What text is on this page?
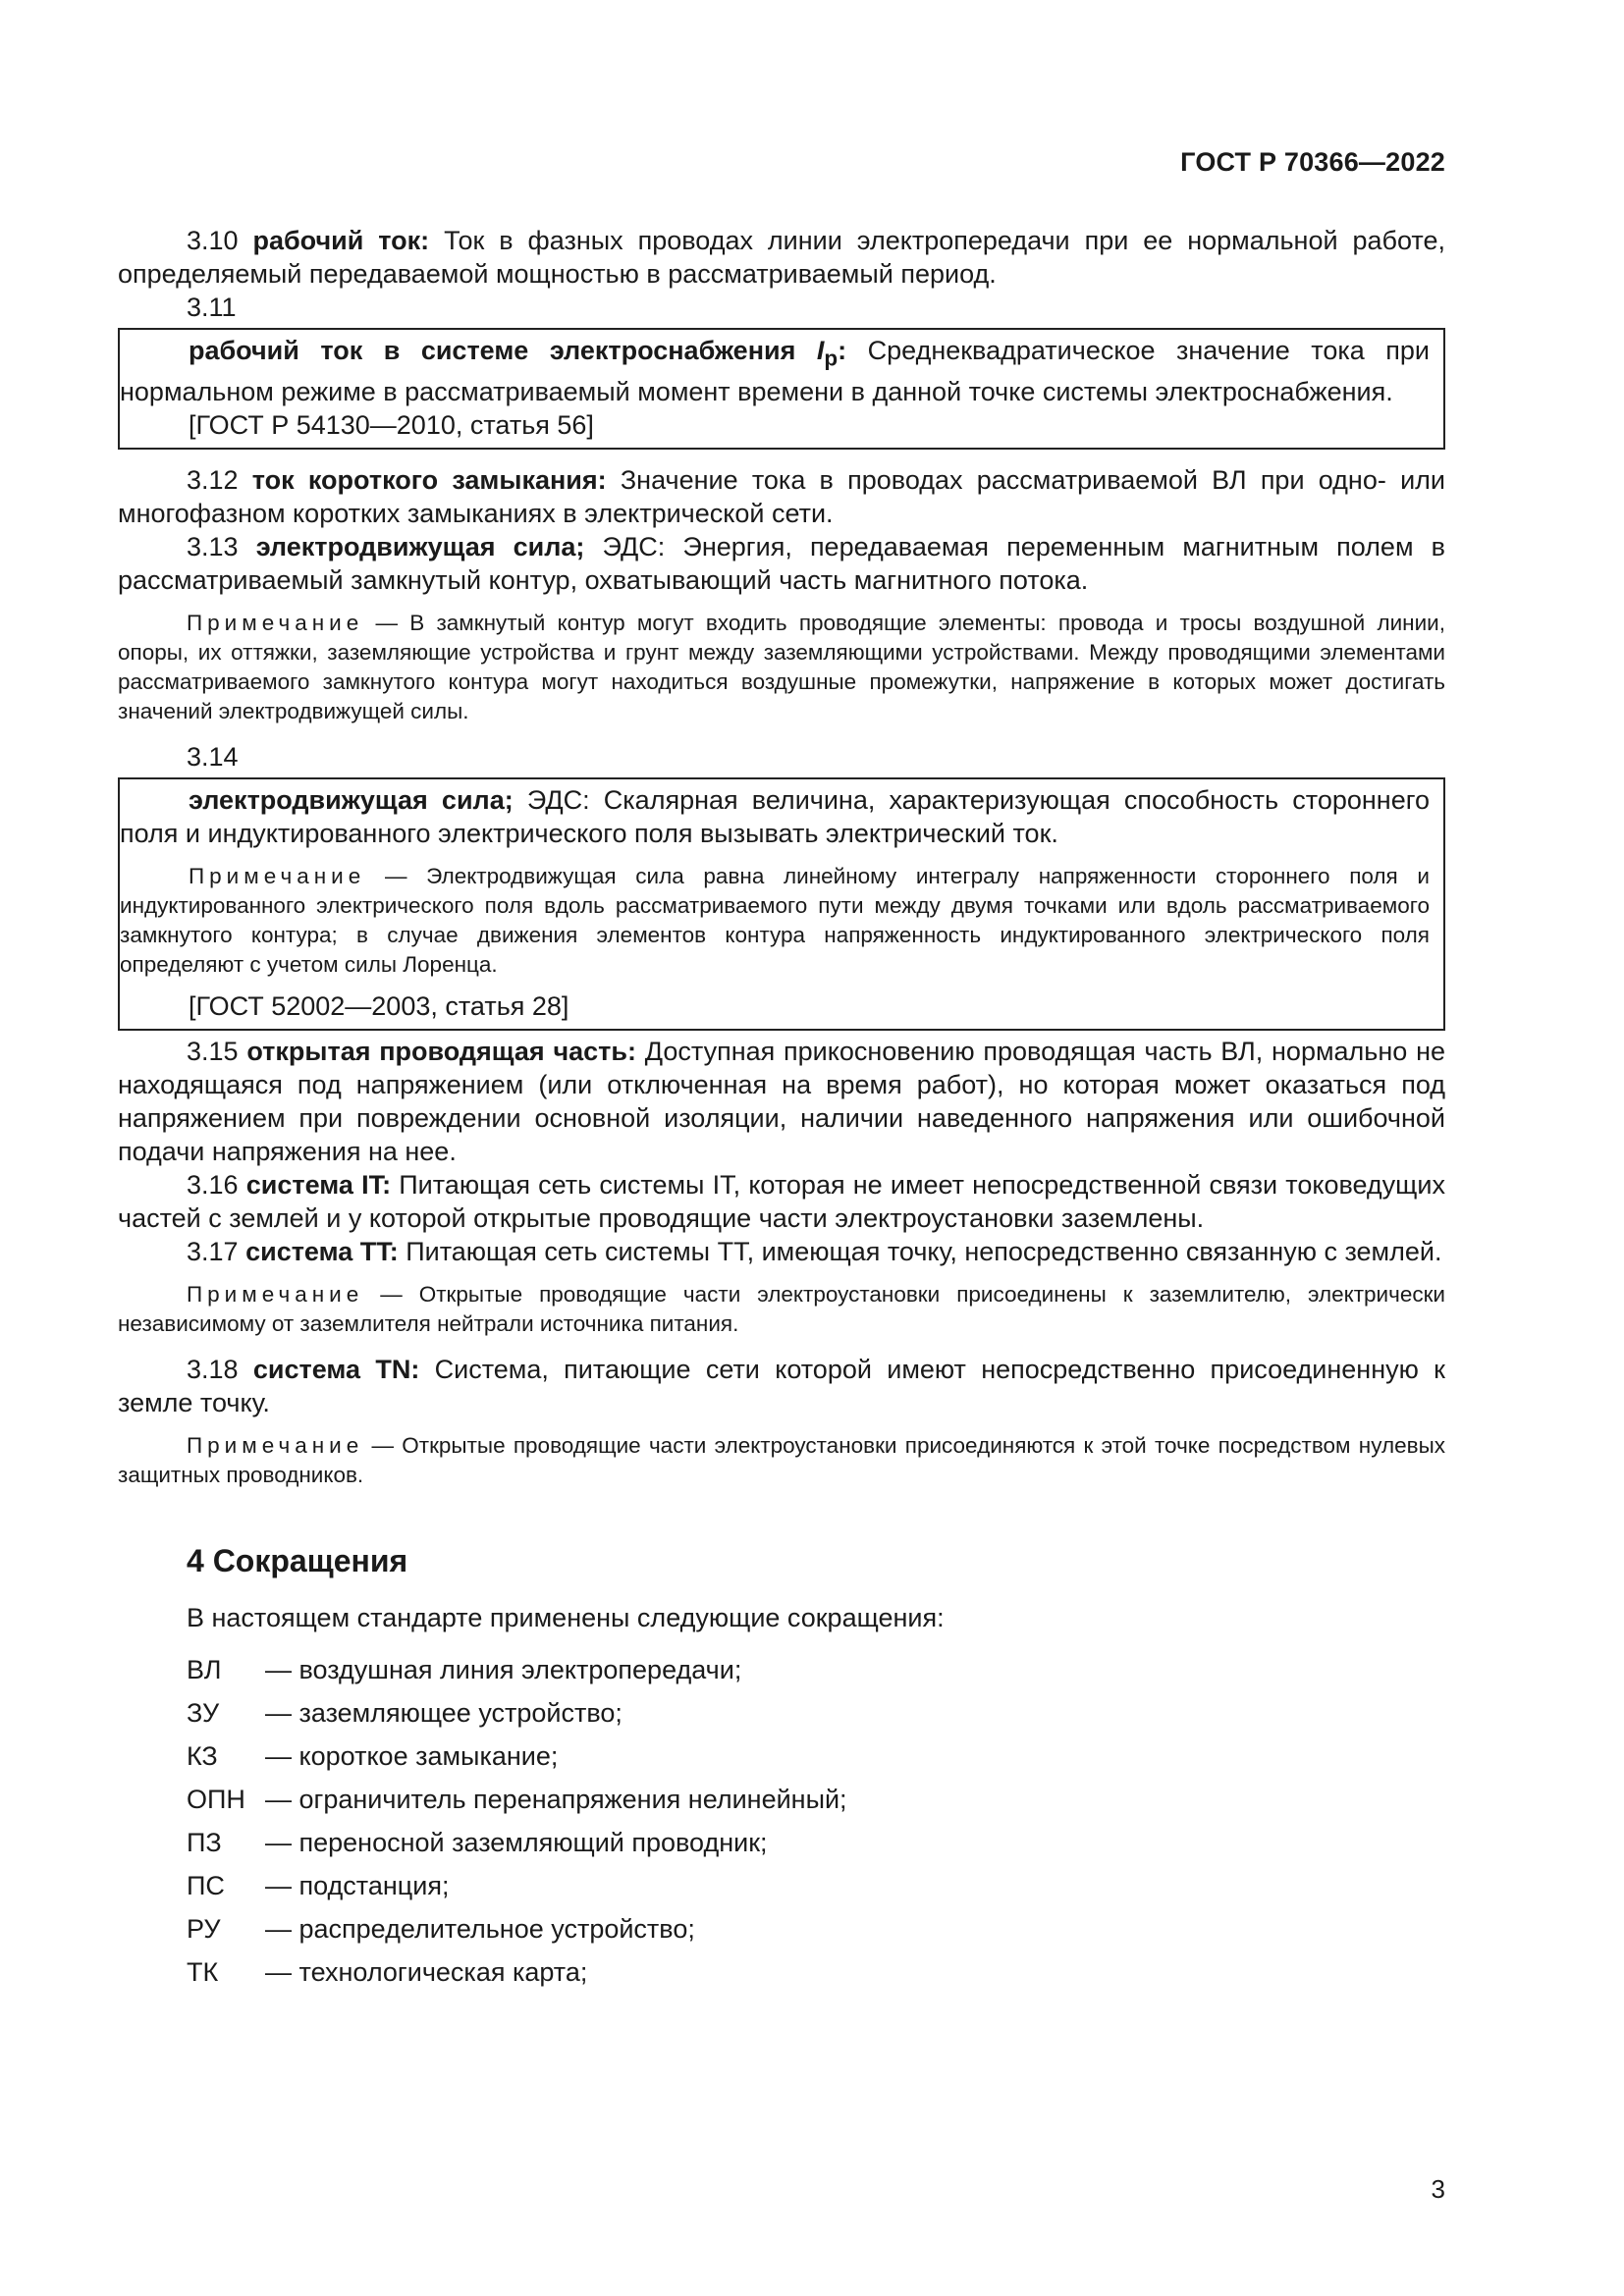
ГОСТ Р 70366—2022

3.10 рабочий ток: Ток в фазных проводах линии электропередачи при ее нормальной работе, определяемый передаваемой мощностью в рассматриваемый период.

3.11

рабочий ток в системе электроснабжения $I_р$: Среднеквадратическое значение тока при нормальном режиме в рассматриваемый момент времени в данной точке системы электроснабжения.

[ГОСТ Р 54130—2010, статья 56]

3.12 ток короткого замыкания: Значение тока в проводах рассматриваемой ВЛ при одно- или многофазном коротких замыканиях в электрической сети.

3.13 электродвижущая сила; ЭДС: Энергия, передаваемая переменным магнитным полем в рассматриваемый замкнутый контур, охватывающий часть магнитного потока.

Примечание — В замкнутый контур могут входить проводящие элементы: провода и тросы воздушной линии, опоры, их оттяжки, заземляющие устройства и грунт между заземляющими устройствами. Между проводящими элементами рассматриваемого замкнутого контура могут находиться воздушные промежутки, напряжение в которых может достигать значений электродвижущей силы.

3.14

электродвижущая сила; ЭДС: Скалярная величина, характеризующая способность стороннего поля и индуктированного электрического поля вызывать электрический ток.

Примечание — Электродвижущая сила равна линейному интегралу напряженности стороннего поля и индуктированного электрического поля вдоль рассматриваемого пути между двумя точками или вдоль рассматриваемого замкнутого контура; в случае движения элементов контура напряженность индуктированного электрического поля определяют с учетом силы Лоренца.

[ГОСТ 52002—2003, статья 28]

3.15 открытая проводящая часть: Доступная прикосновению проводящая часть ВЛ, нормально не находящаяся под напряжением (или отключенная на время работ), но которая может оказаться под напряжением при повреждении основной изоляции, наличии наведенного напряжения или ошибочной подачи напряжения на нее.

3.16 система IT: Питающая сеть системы IT, которая не имеет непосредственной связи токоведущих частей с землей и у которой открытые проводящие части электроустановки заземлены.

3.17 система TT: Питающая сеть системы TT, имеющая точку, непосредственно связанную с землей.

Примечание — Открытые проводящие части электроустановки присоединены к заземлителю, электрически независимому от заземлителя нейтрали источника питания.

3.18 система TN: Система, питающие сети которой имеют непосредственно присоединенную к земле точку.

Примечание — Открытые проводящие части электроустановки присоединяются к этой точке посредством нулевых защитных проводников.

4 Сокращения
В настоящем стандарте применены следующие сокращения:
ВЛ	— воздушная линия электропередачи;
ЗУ	— заземляющее устройство;
КЗ	— короткое замыкание;
ОПН — ограничитель перенапряжения нелинейный;
ПЗ	— переносной заземляющий проводник;
ПС	— подстанция;
РУ	— распределительное устройство;
ТК	— технологическая карта;
3
